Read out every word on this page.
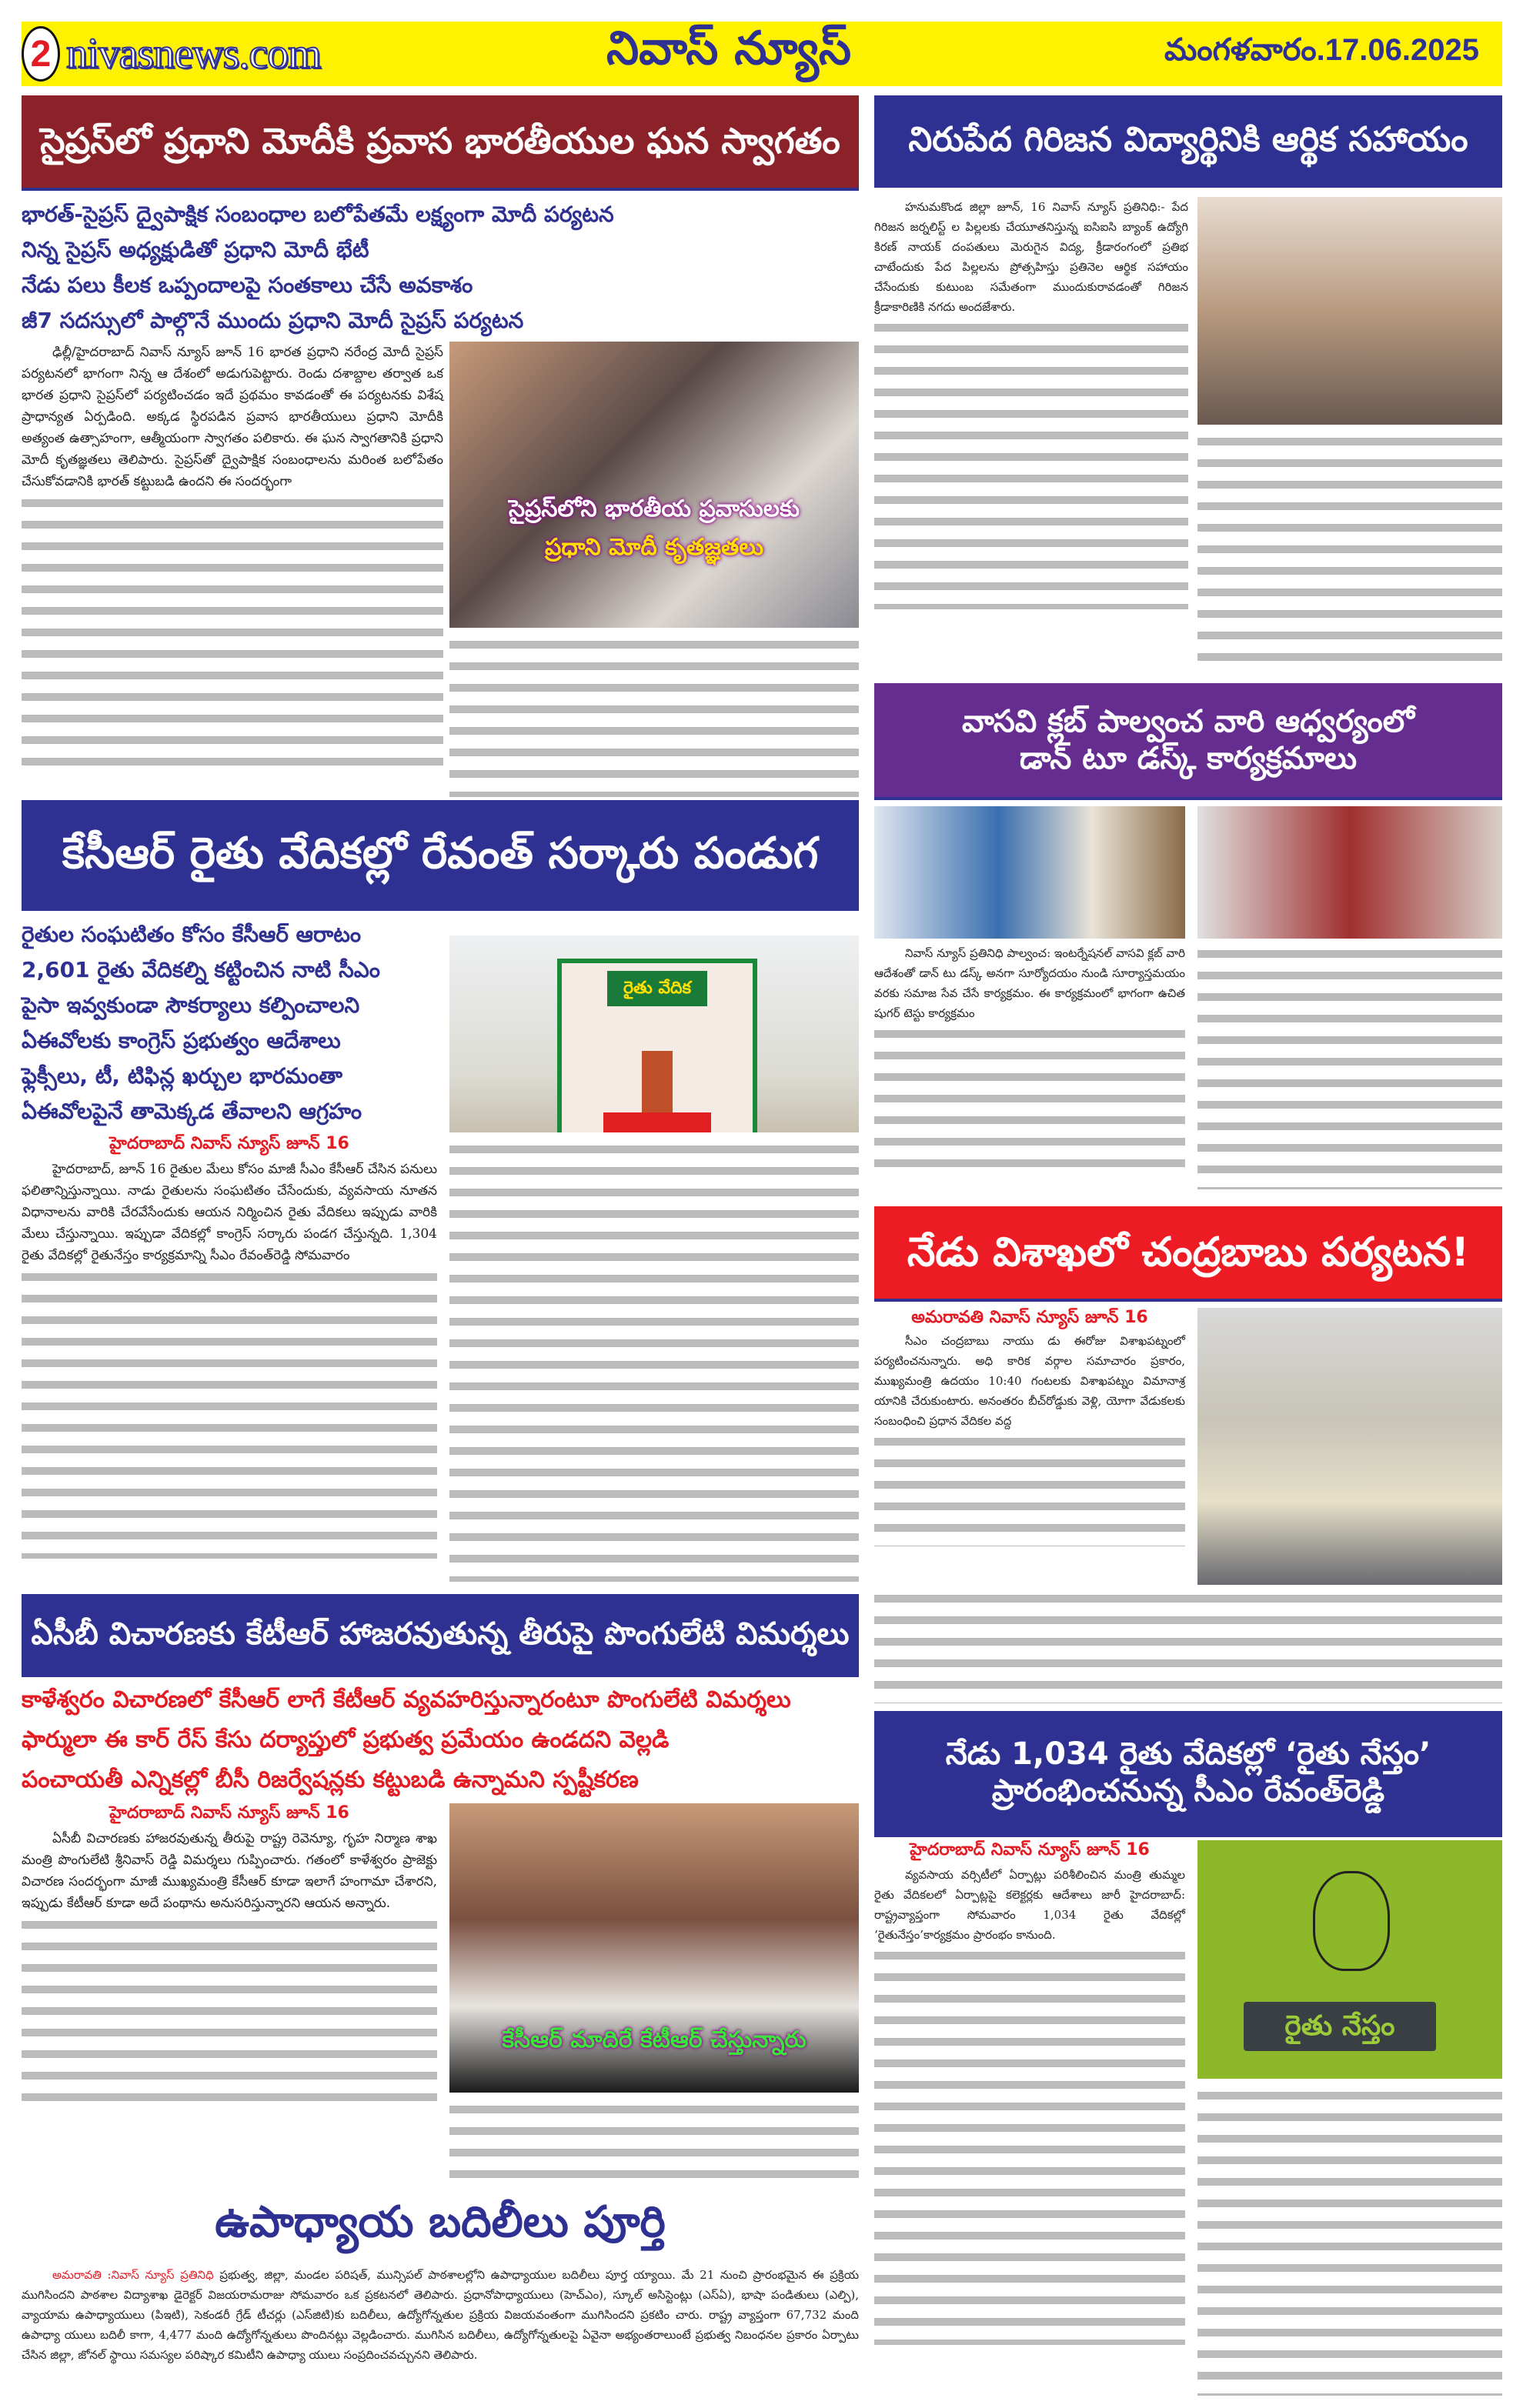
2 nivasnews.com	నివాస్ న్యూస్	మంగళవారం.17.06.2025
సైప్రస్‌లో ప్రధాని మోదీకి ప్రవాస భారతీయుల ఘన స్వాగతం
భారత్-సైప్రస్ ద్వైపాక్షిక సంబంధాల బలోపేతమే లక్ష్యంగా మోదీ పర్యటన
నిన్న సైప్రస్ అధ్యక్షుడితో ప్రధాని మోదీ భేటీ
నేడు పలు కీలక ఒప్పందాలపై సంతకాలు చేసే అవకాశం
జీ7 సదస్సులో పాల్గొనే ముందు ప్రధాని మోదీ సైప్రస్ పర్యటన

ఢిల్లీ/హైదరాబాద్ నివాస్ న్యూస్ జూన్ 16 భారత ప్రధాని నరేంద్ర మోదీ సైప్రస్ పర్యటనలో భాగంగా నిన్న ఆ దేశంలో అడుగుపెట్టారు. రెండు దశాబ్దాల తర్వాత ఒక భారత ప్రధాని సైప్రస్‌లో పర్యటించడం ఇదే ప్రథమం కావడంతో ఈ పర్యటనకు విశేష ప్రాధాన్యత ఏర్పడింది. అక్కడ స్థిరపడిన ప్రవాస భారతీయులు ప్రధాని మోదీకి అత్యంత ఉత్సాహంగా, ఆత్మీయంగా స్వాగతం పలికారు. ఈ ఘన స్వాగతానికి ప్రధాని మోదీ కృతజ్ఞతలు తెలిపారు. సైప్రస్‌తో ద్వైపాక్షిక సంబంధాలను మరింత బలోపేతం చేసుకోవడానికి భారత్ కట్టుబడి ఉందని ఈ సందర్భంగా

సైప్రస్‌లోని భారతీయ ప్రవాసులకు
ప్రధాని మోదీ కృతజ్ఞతలు
నిరుపేద గిరిజన విద్యార్థినికి ఆర్థిక సహాయం

హనుమకొండ జిల్లా జూన్, 16 నివాస్ న్యూస్ ప్రతినిధి:- పేద గిరిజన జర్నలిస్ట్ ల పిల్లలకు చేయూతనిస్తున్న ఐసిఐసి బ్యాంక్ ఉద్యోగి కిరణ్ నాయక్ దంపతులు మెరుగైన విద్య, క్రీడారంగంలో ప్రతిభ చాటేందుకు పేద పిల్లలను ప్రోత్సహిస్తు ప్రతినెల ఆర్థిక సహాయం చేసేందుకు కుటుంబ సమేతంగా ముందుకురావడంతో గిరిజన క్రీడాకారిణికి నగదు అందజేశారు.

వాసవి క్లబ్ పాల్వంచ వారి ఆధ్వర్యంలో
డాన్ టూ డస్క్ కార్యక్రమాలు

నివాస్ న్యూస్ ప్రతినిధి పాల్వంచ: ఇంటర్నేషనల్ వాసవి క్లబ్ వారి ఆదేశంతో డాన్ టు డస్క్ అనగా సూర్యోదయం నుండి సూర్యాస్తమయం వరకు సమాజ సేవ చేసే కార్యక్రమం. ఈ కార్యక్రమంలో భాగంగా ఉచిత షుగర్ టెస్టు కార్యక్రమం

కేసీఆర్ రైతు వేదికల్లో రేవంత్ సర్కారు పండుగ
రైతుల సంఘటితం కోసం కేసీఆర్ ఆరాటం
2,601 రైతు వేదికల్ని కట్టించిన నాటి సీఎం
పైసా ఇవ్వకుండా సౌకర్యాలు కల్పించాలని
ఏఈవోలకు కాంగ్రెస్ ప్రభుత్వం ఆదేశాలు
ఫ్లెక్సీలు, టీ, టిఫిన్ల ఖర్చుల భారమంతా
ఏఈవోలపైనే తామెక్కడ తేవాలని ఆగ్రహం
రైతు వేదిక
హైదరాబాద్ నివాస్ న్యూస్ జూన్ 16

హైదరాబాద్, జూన్ 16 రైతుల మేలు కోసం మాజీ సీఎం కేసీఆర్ చేసిన పనులు ఫలితాన్నిస్తున్నాయి. నాడు రైతులను సంఘటితం చేసేందుకు, వ్యవసాయ నూతన విధానాలను వారికి చేరవేసేందుకు ఆయన నిర్మించిన రైతు వేదికలు ఇప్పుడు వారికి మేలు చేస్తున్నాయి. ఇప్పుడా వేదికల్లో కాంగ్రెస్ సర్కారు పండగ చేస్తున్నది. 1,304 రైతు వేదికల్లో రైతునేస్తం కార్యక్రమాన్ని సీఎం రేవంత్‌రెడ్డి సోమవారం	నేడు విశాఖలో చంద్రబాబు పర్యటన!
అమరావతి నివాస్ న్యూస్ జూన్ 16

సీఎం చంద్రబాబు నాయు డు ఈరోజు విశాఖపట్నంలో పర్యటించనున్నారు. అధి కారిక వర్గాల సమాచారం ప్రకారం, ముఖ్యమంత్రి ఉదయం 10:40 గంటలకు విశాఖపట్నం విమానాశ్ర యానికి చేరుకుంటారు. అనంతరం బీచ్‌రోడ్డుకు వెళ్లి, యోగా వేడుకలకు సంబంధించి ప్రధాన వేదికల వద్ద

నేడు 1,034 రైతు వేదికల్లో ‘రైతు నేస్తం’
ప్రారంభించనున్న సీఎం రేవంత్‌రెడ్డి
హైదరాబాద్ నివాస్ న్యూస్ జూన్ 16

వ్యవసాయ వర్సిటీలో ఏర్పాట్లు పరిశీలించిన మంత్రి తుమ్మల రైతు వేదికలలో ఏర్పాట్లపై కలెక్టర్లకు ఆదేశాలు జారీ హైదరాబాద్: రాష్ట్రవ్యాప్తంగా సోమవారం 1,034 రైతు వేదికల్లో ‘రైతునేస్తం’కార్యక్రమం ప్రారంభం కానుంది.

రైతు నేస్తం
ఏసీబీ విచారణకు కేటీఆర్ హాజరవుతున్న తీరుపై పొంగులేటి విమర్శలు
కాళేశ్వరం విచారణలో కేసీఆర్ లాగే కేటీఆర్ వ్యవహరిస్తున్నారంటూ పొంగులేటి విమర్శలు
ఫార్ములా ఈ కార్ రేస్ కేసు దర్యాప్తులో ప్రభుత్వ ప్రమేయం ఉండదని వెల్లడి
పంచాయతీ ఎన్నికల్లో బీసీ రిజర్వేషన్లకు కట్టుబడి ఉన్నామని స్పష్టీకరణ
హైదరాబాద్ నివాస్ న్యూస్ జూన్ 16

ఏసీబీ విచారణకు హాజరవుతున్న తీరుపై రాష్ట్ర రెవెన్యూ, గృహ నిర్మాణ శాఖ మంత్రి పొంగులేటి శ్రీనివాస్ రెడ్డి విమర్శలు గుప్పించారు. గతంలో కాళేశ్వరం ప్రాజెక్టు విచారణ సందర్భంగా మాజీ ముఖ్యమంత్రి కేసీఆర్ కూడా ఇలాగే హంగామా చేశారని, ఇప్పుడు కేటీఆర్ కూడా అదే పంథాను అనుసరిస్తున్నారని ఆయన అన్నారు.

కేసీఆర్ మాదిరే కేటీఆర్ చేస్తున్నారు
ఉపాధ్యాయ బదిలీలు పూర్తి
అమరావతి :నివాస్ న్యూస్ ప్రతినిధి ప్రభుత్వ, జిల్లా, మండల పరిషత్, మున్సిపల్ పాఠశాలల్లోని ఉపాధ్యాయుల బదిలీలు పూర్త య్యాయి. మే 21 నుంచి ప్రారంభమైన ఈ ప్రక్రియ ముగిసిందని పాఠశాల విద్యాశాఖ డైరెక్టర్ విజయరామరాజు సోమవారం ఒక ప్రకటనలో తెలిపారు. ప్రధానోపాధ్యాయులు (హెచ్‌ఎం), స్కూల్ అసిస్టెంట్లు (ఎస్ఏ), భాషా పండితులు (ఎల్పి), వ్యాయామ ఉపాధ్యాయులు (పిఇటి), సెకండరీ గ్రేడ్ టీచర్లు (ఎస్‌జిటి)కు బదిలీలు, ఉద్యోగోన్నతుల ప్రక్రియ విజయవంతంగా ముగిసిందని ప్రకటిం చారు. రాష్ట్ర వ్యాప్తంగా 67,732 మంది ఉపాధ్యా యులు బదిలీ కాగా, 4,477 మంది ఉద్యోగోన్నతులు పొందినట్లు వెల్లడించారు. ముగిసిన బదిలీలు, ఉద్యోగోన్నతులపై ఏవైనా అభ్యంతరాలుంటే ప్రభుత్వ నిబంధనల ప్రకారం ఏర్పాటు చేసిన జిల్లా, జోనల్ స్థాయి సమస్యల పరిష్కార కమిటీని ఉపాధ్యా యులు సంప్రదించవచ్చునని తెలిపారు.
